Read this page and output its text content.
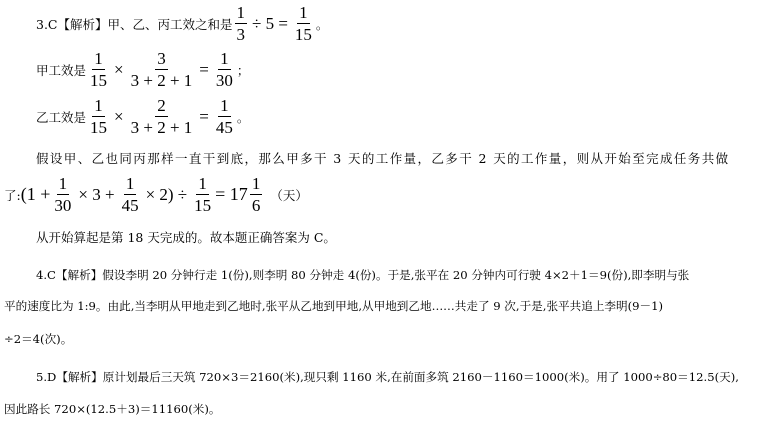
3.C【解析】甲、乙、丙工效之和是 $\frac{1}{3} \div 5 = \frac{1}{15}$ 。
甲工效是 $\frac{1}{15} \times \frac{3}{3 + 2 + 1} = \frac{1}{30}$ ；
乙工效是 $\frac{1}{15} \times \frac{2}{3 + 2 + 1} = \frac{1}{45}$ 。
假设甲、乙也同丙那样一直干到底，那么甲多干 3 天的工作量，乙多干 2 天的工作量，则从开始至完成任务共做
了: $(1 + \frac{1}{30} \times 3 + \frac{1}{45} \times 2) \div \frac{1}{15} = 17 \frac{1}{6}$ （天）
从开始算起是第 18 天完成的。故本题正确答案为 C。
4.C【解析】假设李明 20 分钟行走 1(份),则李明 80 分钟走 4(份)。于是,张平在 20 分钟内可行驶 4×2＋1＝9(份),即李明与张
平的速度比为 1:9。由此,当李明从甲地走到乙地时,张平从乙地到甲地,从甲地到乙地……共走了 9 次,于是,张平共追上李明(9－1)
÷2＝4(次)。
5.D【解析】原计划最后三天筑 720×3＝2160(米),现只剩 1160 米,在前面多筑 2160－1160＝1000(米)。用了 1000÷80＝12.5(天),
因此路长 720×(12.5＋3)＝11160(米)。
